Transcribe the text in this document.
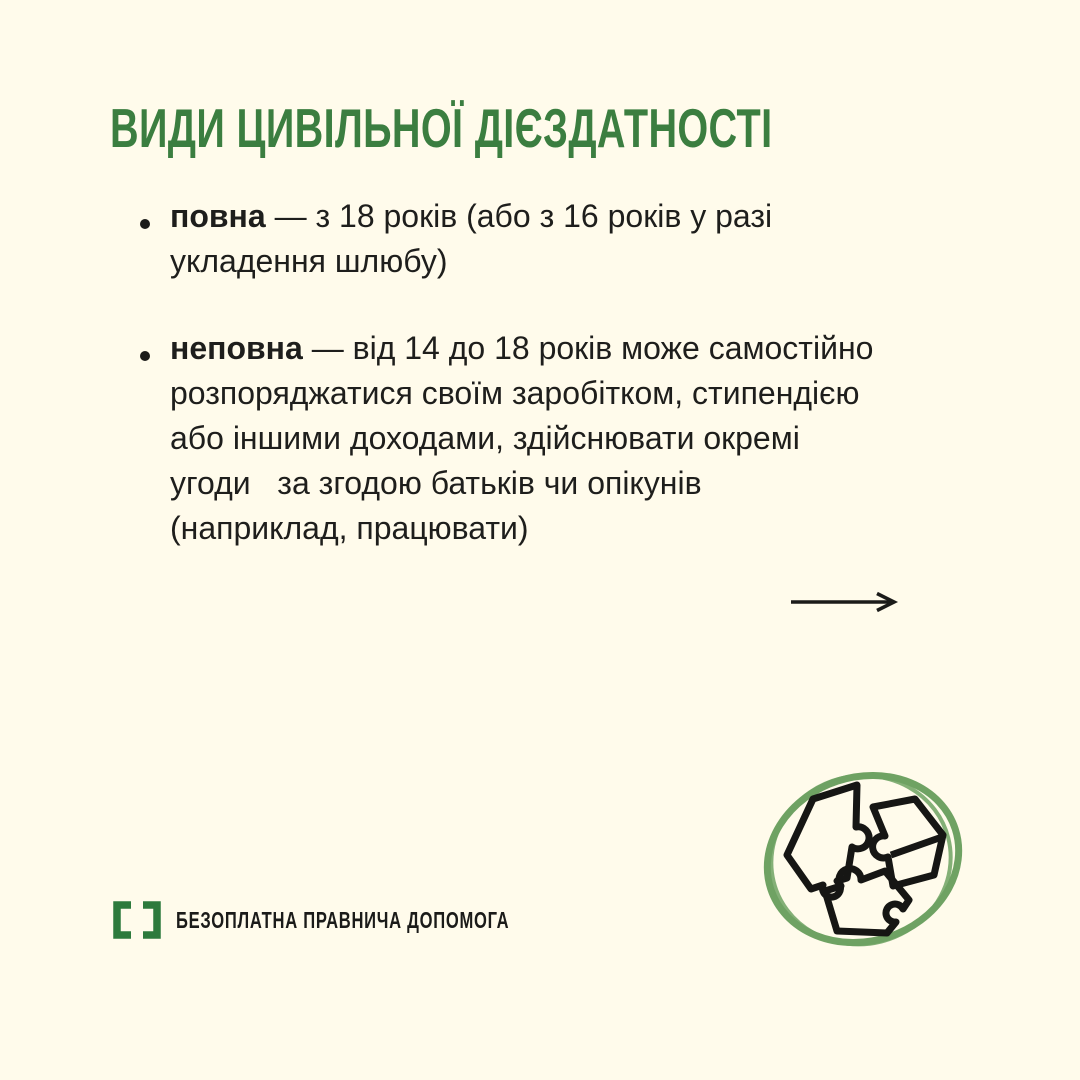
ВИДИ ЦИВІЛЬНОЇ ДІЄЗДАТНОСТІ
повна — з 18 років (або з 16 років у разі
укладення шлюбу)
неповна — від 14 до 18 років може самостійно
розпоряджатися своїм заробітком, стипендією
або іншими доходами, здійснювати окремі
угоди   за згодою батьків чи опікунів
(наприклад, працювати)
БЕЗОПЛАТНА ПРАВНИЧА ДОПОМОГА
